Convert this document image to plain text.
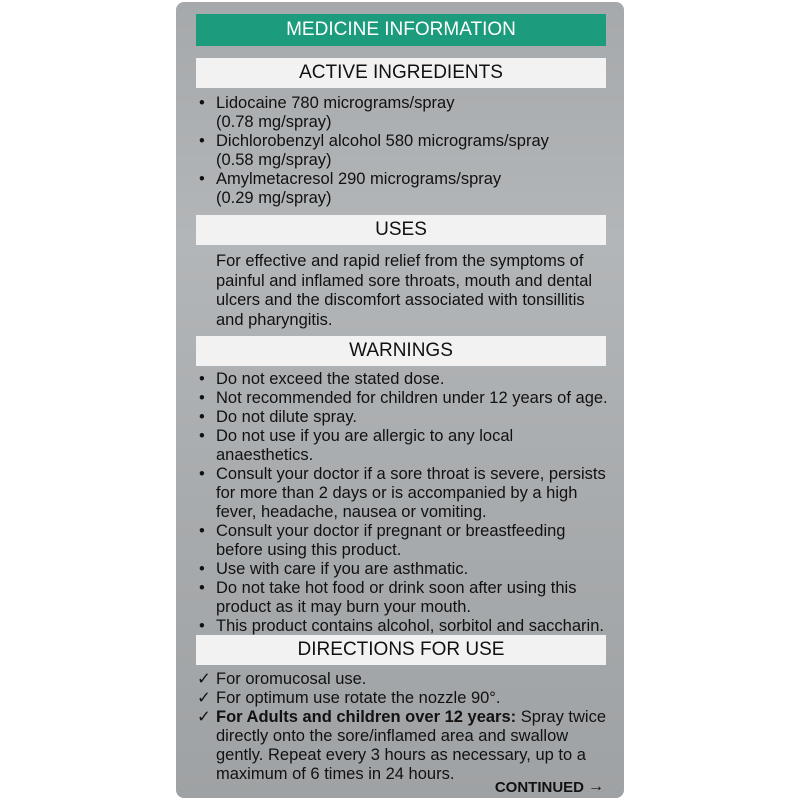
MEDICINE INFORMATION
ACTIVE INGREDIENTS
• Lidocaine 780 micrograms/spray
(0.78 mg/spray)
• Dichlorobenzyl alcohol 580 micrograms/spray
(0.58 mg/spray)
• Amylmetacresol 290 micrograms/spray
(0.29 mg/spray)
USES
For effective and rapid relief from the symptoms of
painful and inflamed sore throats, mouth and dental
ulcers and the discomfort associated with tonsillitis
and pharyngitis.
WARNINGS
• Do not exceed the stated dose.
• Not recommended for children under 12 years of age.
• Do not dilute spray.
• Do not use if you are allergic to any local
anaesthetics.
• Consult your doctor if a sore throat is severe, persists
for more than 2 days or is accompanied by a high
fever, headache, nausea or vomiting.
• Consult your doctor if pregnant or breastfeeding
before using this product.
• Use with care if you are asthmatic.
• Do not take hot food or drink soon after using this
product as it may burn your mouth.
• This product contains alcohol, sorbitol and saccharin.
DIRECTIONS FOR USE
✓ For oromucosal use.
✓ For optimum use rotate the nozzle 90°.
✓ For Adults and children over 12 years: Spray twice
directly onto the sore/inflamed area and swallow
gently. Repeat every 3 hours as necessary, up to a
maximum of 6 times in 24 hours.
CONTINUED →
